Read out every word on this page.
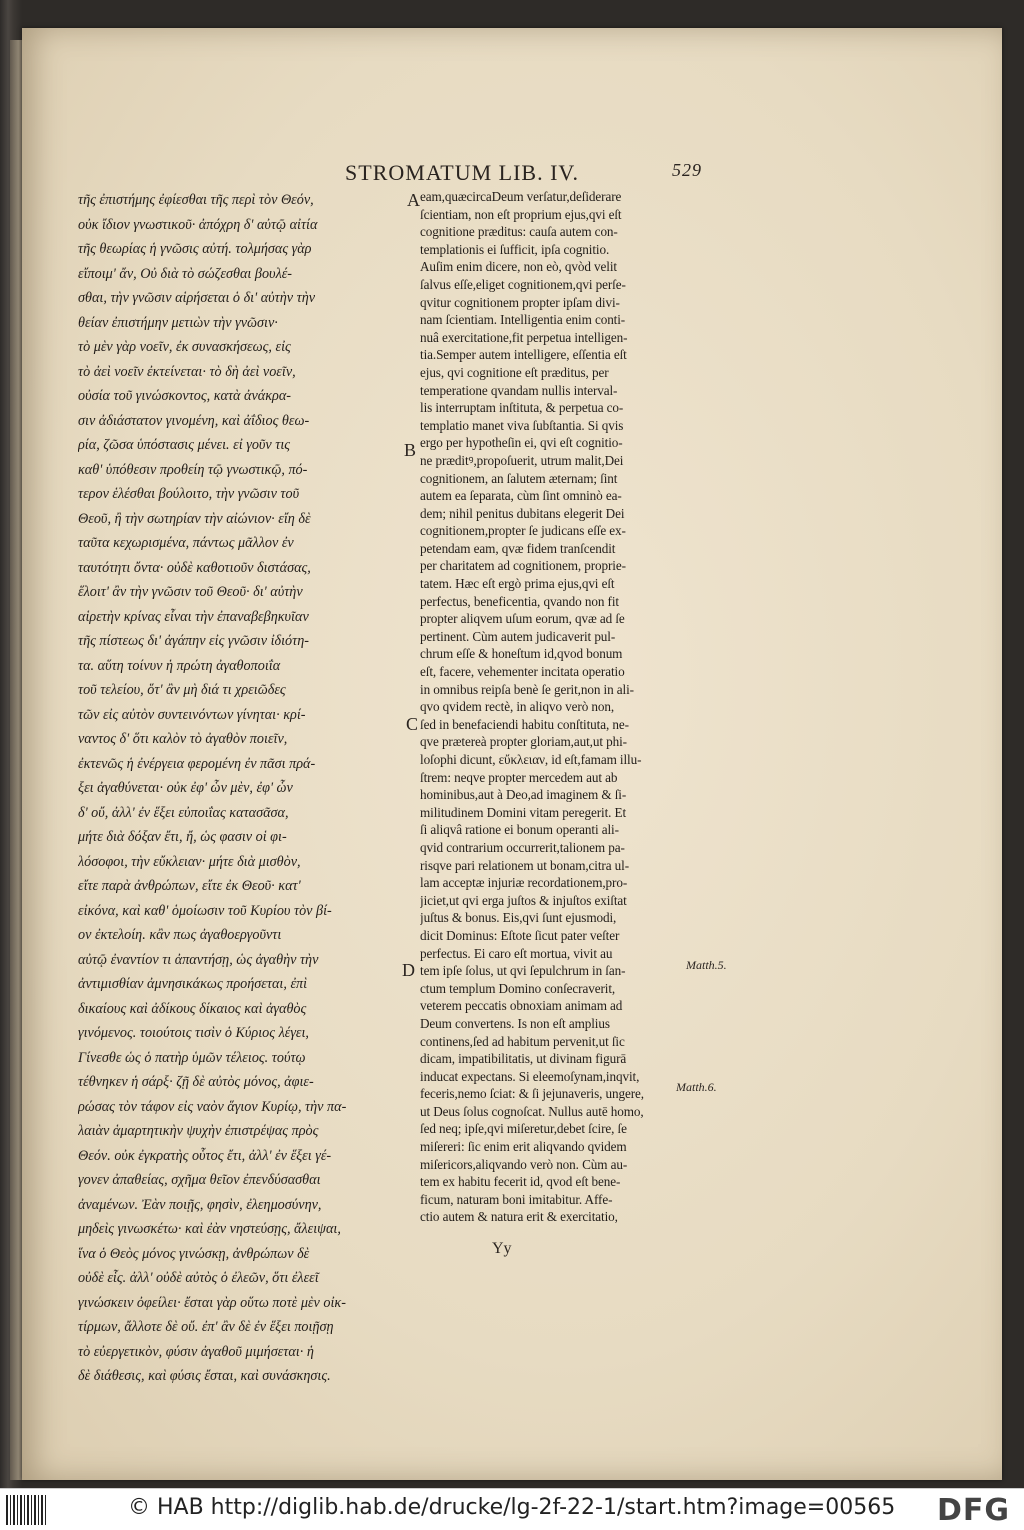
STROMATUM LIB. IV.	529
τῆς ἐπιστήμης ἐφίεσθαι τῆς περὶ τὸν Θεόν,
οὐκ ἴδιον γνωστικοῦ· ἀπόχρη δ' αὐτῷ αἰτία
τῆς θεωρίας ἡ γνῶσις αὐτή. τολμήσας γὰρ
εἴποιμ' ἄν, Οὐ διὰ τὸ σώζεσθαι βουλέ-
σθαι, τὴν γνῶσιν αἱρήσεται ὁ δι' αὐτὴν τὴν
θείαν ἐπιστήμην μετιὼν τὴν γνῶσιν·
τὸ μὲν γὰρ νοεῖν, ἐκ συνασκήσεως, εἰς
τὸ ἀεὶ νοεῖν ἐκτείνεται· τὸ δὴ ἀεὶ νοεῖν,
οὐσία τοῦ γινώσκοντος, κατὰ ἀνάκρα-
σιν ἀδιάστατον γινομένη, καὶ ἀΐδιος θεω-
ρία, ζῶσα ὑπόστασις μένει. εἰ γοῦν τις
καθ' ὑπόθεσιν προθείη τῷ γνωστικῷ, πό-
τερον ἑλέσθαι βούλοιτο, τὴν γνῶσιν τοῦ
Θεοῦ, ἢ τὴν σωτηρίαν τὴν αἰώνιον· εἴη δὲ
ταῦτα κεχωρισμένα, πάντως μᾶλλον ἐν
ταυτότητι ὄντα· οὐδὲ καθοτιοῦν διστάσας,
ἕλοιτ' ἂν τὴν γνῶσιν τοῦ Θεοῦ· δι' αὐτὴν
αἱρετὴν κρίνας εἶναι τὴν ἐπαναβεβηκυῖαν
τῆς πίστεως δι' ἀγάπην εἰς γνῶσιν ἰδιότη-
τα. αὕτη τοίνυν ἡ πρώτη ἀγαθοποιΐα
τοῦ τελείου, ὅτ' ἂν μὴ διά τι χρειῶδες
τῶν εἰς αὐτὸν συντεινόντων γίνηται· κρί-
ναντος δ' ὅτι καλὸν τὸ ἀγαθὸν ποιεῖν,
ἐκτενῶς ἡ ἐνέργεια φερομένη ἐν πᾶσι πρά-
ξει ἀγαθύνεται· οὐκ ἐφ' ὧν μὲν, ἐφ' ὧν
δ' οὔ, ἀλλ' ἐν ἕξει εὐποιΐας κατασᾶσα,
μήτε διὰ δόξαν ἔτι, ἤ, ὡς φασιν οἱ φι-
λόσοφοι, τὴν εὔκλειαν· μήτε διὰ μισθὸν,
εἴτε παρὰ ἀνθρώπων, εἴτε ἐκ Θεοῦ· κατ'
εἰκόνα, καὶ καθ' ὁμοίωσιν τοῦ Κυρίου τὸν βί-
ον ἐκτελοίη. κἂν πως ἀγαθοεργοῦντι
αὐτῷ ἐναντίον τι ἀπαντήσῃ, ὡς ἀγαθὴν τὴν
ἀντιμισθίαν ἀμνησικάκως προήσεται, ἐπὶ
δικαίους καὶ ἀδίκους δίκαιος καὶ ἀγαθὸς
γινόμενος. τοιούτοις τισὶν ὁ Κύριος λέγει,
Γίνεσθε ὡς ὁ πατὴρ ὑμῶν τέλειος. τούτῳ
τέθνηκεν ἡ σάρξ· ζῇ δὲ αὐτὸς μόνος, ἀφιε-
ρώσας τὸν τάφον εἰς ναὸν ἅγιον Κυρίῳ, τὴν πα-
λαιὰν ἁμαρτητικὴν ψυχὴν ἐπιστρέψας πρὸς
Θεόν. οὐκ ἐγκρατὴς οὗτος ἔτι, ἀλλ' ἐν ἕξει γέ-
γονεν ἀπαθείας, σχῆμα θεῖον ἐπενδύσασθαι
ἀναμένων. Ἐὰν ποιῇς, φησὶν, ἐλεημοσύνην,
μηδεὶς γινωσκέτω· καὶ ἐὰν νηστεύσῃς, ἄλειψαι,
ἵνα ὁ Θεὸς μόνος γινώσκῃ, ἀνθρώπων δὲ
οὐδὲ εἷς. ἀλλ' οὐδὲ αὐτὸς ὁ ἐλεῶν, ὅτι ἐλεεῖ
γινώσκειν ὀφείλει· ἔσται γὰρ οὕτω ποτὲ μὲν οἰκ-
τίρμων, ἄλλοτε δὲ οὔ. ἐπ' ἂν δὲ ἐν ἕξει ποιῇσῃ
τὸ εὐεργετικὸν, φύσιν ἀγαθοῦ μιμήσεται· ἡ
δὲ διάθεσις, καὶ φύσις ἔσται, καὶ συνάσκησις.
eam,quæcircaDeum verſatur,deſiderare
ſcientiam, non eſt proprium ejus,qvi eſt
cognitione præditus: cauſa autem con-
templationis ei ſufficit, ipſa cognitio.
Auſim enim dicere, non eò, qvòd velit
ſalvus eſſe,eliget cognitionem,qvi perſe-
qvitur cognitionem propter ipſam divi-
nam ſcientiam. Intelligentia enim conti-
nuâ exercitatione,fit perpetua intelligen-
tia.Semper autem intelligere, eſſentia eſt
ejus, qvi cognitione eſt præditus, per
temperatione qvandam nullis interval-
lis interruptam inſtituta, & perpetua co-
templatio manet viva ſubſtantia. Si qvis
ergo per hypotheſin ei, qvi eſt cognitio-
ne præditꝰ,propoſuerit, utrum malit,Dei
cognitionem, an ſalutem æternam; ſint
autem ea ſeparata, cùm ſint omninò ea-
dem; nihil penitus dubitans elegerit Dei
cognitionem,propter ſe judicans eſſe ex-
petendam eam, qvæ fidem tranſcendit
per charitatem ad cognitionem, proprie-
tatem. Hæc eſt ergò prima ejus,qvi eſt
perfectus, beneficentia, qvando non fit
propter aliqvem uſum eorum, qvæ ad ſe
pertinent. Cùm autem judicaverit pul-
chrum eſſe & honeſtum id,qvod bonum
eſt, facere, vehementer incitata operatio
in omnibus reipſa benè ſe gerit,non in ali-
qvo qvidem rectè, in aliqvo verò non,
ſed in benefaciendi habitu conſtituta, ne-
qve prætereà propter gloriam,aut,ut phi-
loſophi dicunt, εὔκλειαν, id eſt,famam illu-
ſtrem: neqve propter mercedem aut ab
hominibus,aut à Deo,ad imaginem & ſi-
militudinem Domini vitam peregerit. Et
ſi aliqvâ ratione ei bonum operanti ali-
qvid contrarium occurrerit,talionem pa-
risqve pari relationem ut bonam,citra ul-
lam acceptæ injuriæ recordationem,pro-
jiciet,ut qvi erga juſtos & injuſtos exiſtat
juſtus & bonus. Eis,qvi ſunt ejusmodi,
dicit Dominus: Eſtote ſicut pater veſter
perfectus. Ei caro eſt mortua, vivit au
tem ipſe ſolus, ut qvi ſepulchrum in ſan-
ctum templum Domino conſecraverit,
veterem peccatis obnoxiam animam ad
Deum convertens. Is non eſt amplius
continens,ſed ad habitum pervenit,ut ſic
dicam, impatibilitatis, ut divinam figurā
inducat expectans. Si eleemoſynam,inqvit,
feceris,nemo ſciat: & ſi jejunaveris, ungere,
ut Deus ſolus cognoſcat. Nullus autē homo,
ſed neq; ipſe,qvi miſeretur,debet ſcire, ſe
miſereri: ſic enim erit aliqvando qvidem
miſericors,aliqvando verò non. Cùm au-
tem ex habitu fecerit id, qvod eſt bene-
ficum, naturam boni imitabitur. Affe-
ctio autem & natura erit & exercitatio,
A
B
C
D	Matth.5.
Matth.6.
Yy
© HAB http://diglib.hab.de/drucke/lg-2f-22-1/start.htm?image=00565 DFG
